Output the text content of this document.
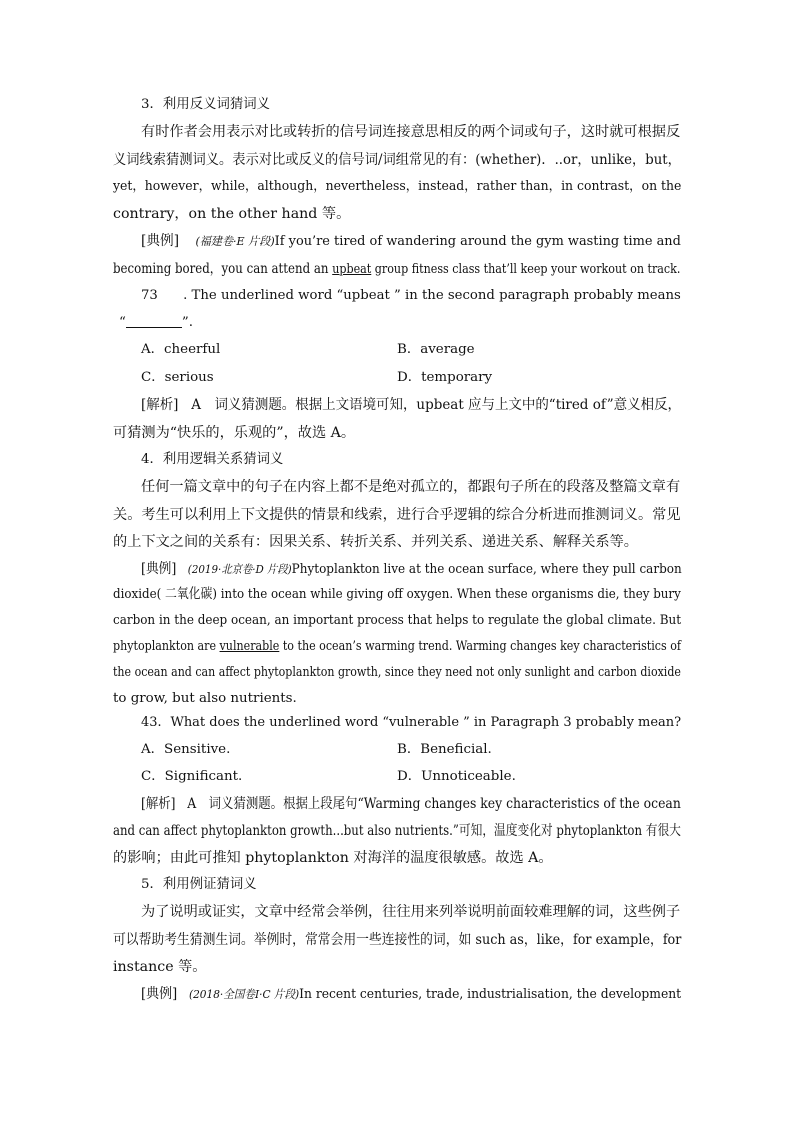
3．利用反义词猜词义
有时作者会用表示对比或转折的信号词连接意思相反的两个词或句子，这时就可根据反
义词线索猜测词义。表示对比或反义的信号词/词组常见的有：(whether)．..or，unlike，but，
yet，however，while，although，nevertheless，instead，rather than，in contrast，on the
contrary，on the other hand 等。
[典例] (福建卷·E 片段)If you’re tired of wandering around the gym wasting time and
becoming bored，you can attend an upbeat group fitness class that’ll keep your workout on track.
73 . The underlined word “upbeat ” in the second paragraph probably means
“	”.
A．cheerful	B．average
C．serious	D．temporary
[解析] A　词义猜测题。根据上文语境可知，upbeat 应与上文中的“tired of”意义相反，
可猜测为“快乐的，乐观的”，故选 A。
4．利用逻辑关系猜词义
任何一篇文章中的句子在内容上都不是绝对孤立的，都跟句子所在的段落及整篇文章有
关。考生可以利用上下文提供的情景和线索，进行合乎逻辑的综合分析进而推测词义。常见
的上下文之间的关系有：因果关系、转折关系、并列关系、递进关系、解释关系等。
[典例] (2019·北京卷·D 片段)Phytoplankton live at the ocean surface, where they pull carbon
dioxide( 二氧化碳) into the ocean while giving off oxygen. When these organisms die, they bury
carbon in the deep ocean, an important process that helps to regulate the global climate. But
phytoplankton are vulnerable to the ocean’s warming trend. Warming changes key characteristics of
the ocean and can affect phytoplankton growth, since they need not only sunlight and carbon dioxide
to grow, but also nutrients.
43．What does the underlined word “vulnerable ” in Paragraph 3 probably mean?
A．Sensitive.	B．Beneficial.
C．Significant.	D．Unnoticeable.
[解析] A　词义猜测题。根据上段尾句“Warming changes key characteristics of the ocean
and can affect phytoplankton growth...but also nutrients.”可知，温度变化对 phytoplankton 有很大
的影响；由此可推知 phytoplankton 对海洋的温度很敏感。故选 A。
5．利用例证猜词义
为了说明或证实，文章中经常会举例，往往用来列举说明前面较难理解的词，这些例子
可以帮助考生猜测生词。举例时，常常会用一些连接性的词，如 such as，like，for example，for
instance 等。
[典例] (2018·全国卷Ⅰ·C 片段)In recent centuries, trade, industrialisation, the development
